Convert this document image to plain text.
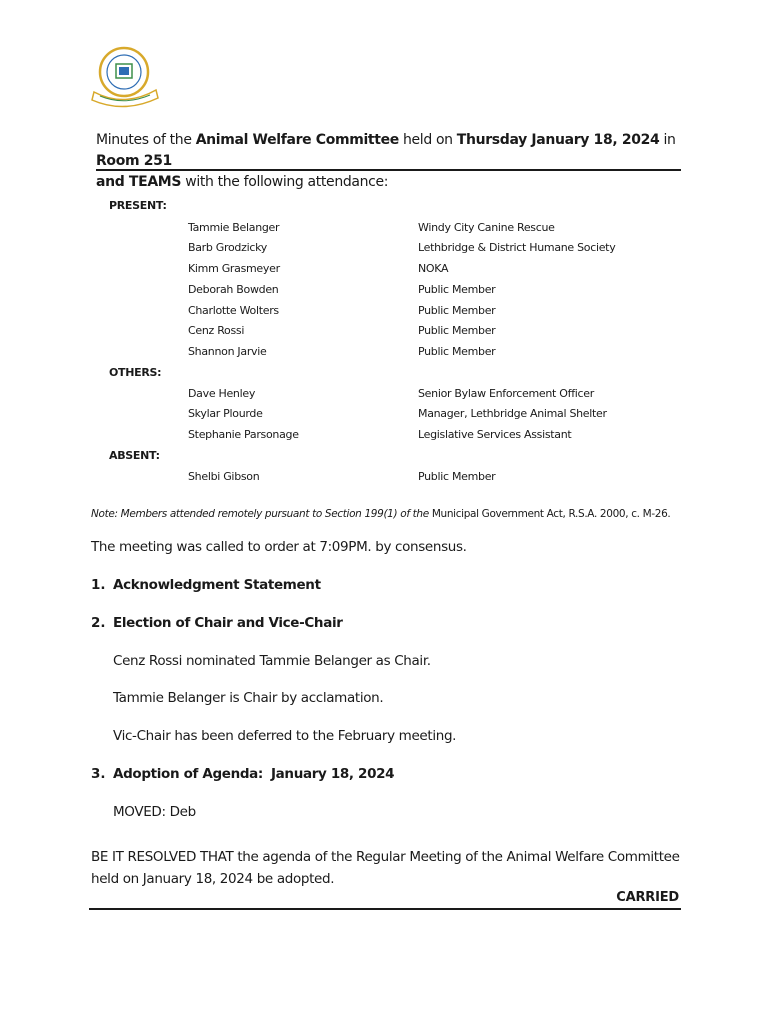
Minutes of the Animal Welfare Committee held on Thursday January 18, 2024 in Room 251
and TEAMS with the following attendance:
PRESENT:
Tammie Belanger	Windy City Canine Rescue
Barb Grodzicky	Lethbridge & District Humane Society
Kimm Grasmeyer	NOKA
Deborah Bowden	Public Member
Charlotte Wolters	Public Member
Cenz Rossi	Public Member
Shannon Jarvie	Public Member
OTHERS:
Dave Henley	Senior Bylaw Enforcement Officer
Skylar Plourde	Manager, Lethbridge Animal Shelter
Stephanie Parsonage	Legislative Services Assistant
ABSENT:
Shelbi Gibson	Public Member
Note: Members attended remotely pursuant to Section 199(1) of the Municipal Government Act, R.S.A. 2000, c. M-26.
The meeting was called to order at 7:09PM. by consensus.
1. Acknowledgment Statement
2. Election of Chair and Vice-Chair
Cenz Rossi nominated Tammie Belanger as Chair.
Tammie Belanger is Chair by acclamation.
Vic-Chair has been deferred to the February meeting.
3. Adoption of Agenda: January 18, 2024
MOVED: Deb
BE IT RESOLVED THAT the agenda of the Regular Meeting of the Animal Welfare Committee held on January 18, 2024 be adopted.
CARRIED
